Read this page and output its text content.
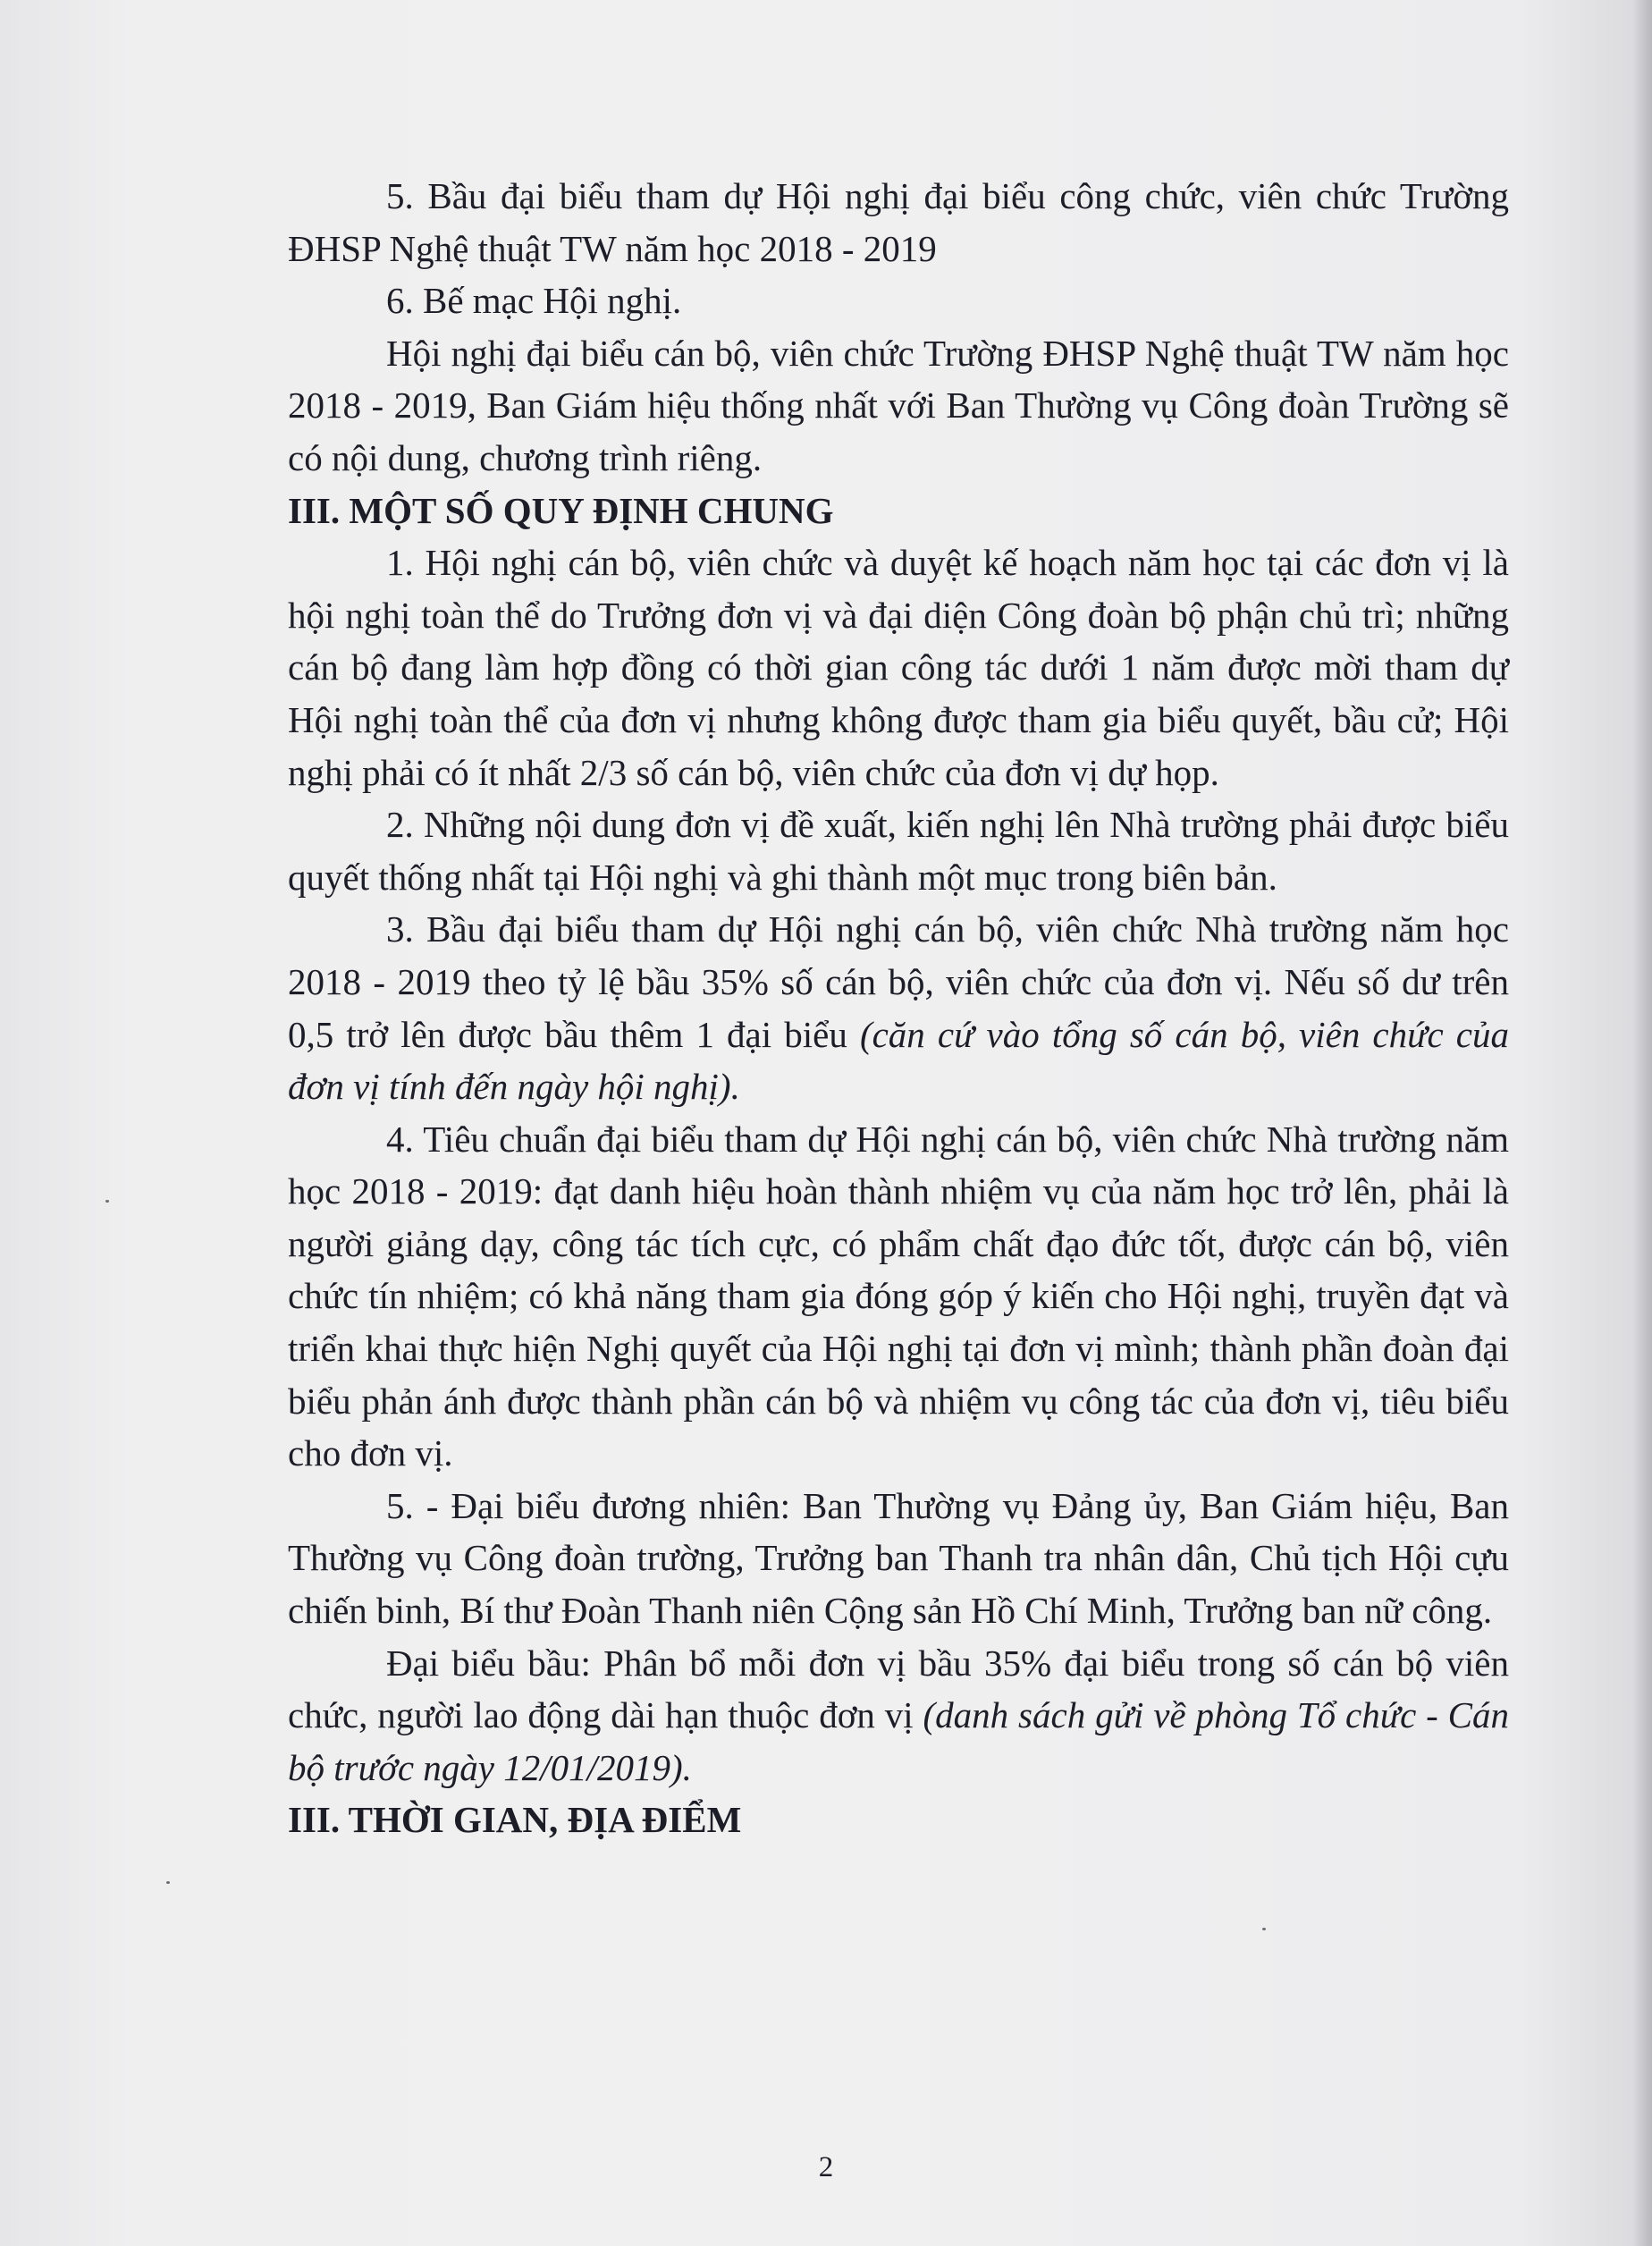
5. Bầu đại biểu tham dự Hội nghị đại biểu công chức, viên chức Trường ĐHSP Nghệ thuật TW năm học 2018 - 2019

6. Bế mạc Hội nghị.

Hội nghị đại biểu cán bộ, viên chức Trường ĐHSP Nghệ thuật TW năm học 2018 - 2019, Ban Giám hiệu thống nhất với Ban Thường vụ Công đoàn Trường sẽ có nội dung, chương trình riêng.

III. MỘT SỐ QUY ĐỊNH CHUNG

1. Hội nghị cán bộ, viên chức và duyệt kế hoạch năm học tại các đơn vị là hội nghị toàn thể do Trưởng đơn vị và đại diện Công đoàn bộ phận chủ trì; những cán bộ đang làm hợp đồng có thời gian công tác dưới 1 năm được mời tham dự Hội nghị toàn thể của đơn vị nhưng không được tham gia biểu quyết, bầu cử; Hội nghị phải có ít nhất 2/3 số cán bộ, viên chức của đơn vị dự họp.

2. Những nội dung đơn vị đề xuất, kiến nghị lên Nhà trường phải được biểu quyết thống nhất tại Hội nghị và ghi thành một mục trong biên bản.

3. Bầu đại biểu tham dự Hội nghị cán bộ, viên chức Nhà trường năm học 2018 - 2019 theo tỷ lệ bầu 35% số cán bộ, viên chức của đơn vị. Nếu số dư trên 0,5 trở lên được bầu thêm 1 đại biểu (căn cứ vào tổng số cán bộ, viên chức của đơn vị tính đến ngày hội nghị).

4. Tiêu chuẩn đại biểu tham dự Hội nghị cán bộ, viên chức Nhà trường năm học 2018 - 2019: đạt danh hiệu hoàn thành nhiệm vụ của năm học trở lên, phải là người giảng dạy, công tác tích cực, có phẩm chất đạo đức tốt, được cán bộ, viên chức tín nhiệm; có khả năng tham gia đóng góp ý kiến cho Hội nghị, truyền đạt và triển khai thực hiện Nghị quyết của Hội nghị tại đơn vị mình; thành phần đoàn đại biểu phản ánh được thành phần cán bộ và nhiệm vụ công tác của đơn vị, tiêu biểu cho đơn vị.

5. - Đại biểu đương nhiên: Ban Thường vụ Đảng ủy, Ban Giám hiệu, Ban Thường vụ Công đoàn trường, Trưởng ban Thanh tra nhân dân, Chủ tịch Hội cựu chiến binh, Bí thư Đoàn Thanh niên Cộng sản Hồ Chí Minh, Trưởng ban nữ công.

Đại biểu bầu: Phân bổ mỗi đơn vị bầu 35% đại biểu trong số cán bộ viên chức, người lao động dài hạn thuộc đơn vị (danh sách gửi về phòng Tổ chức - Cán bộ trước ngày 12/01/2019).

III. THỜI GIAN, ĐỊA ĐIỂM
2
